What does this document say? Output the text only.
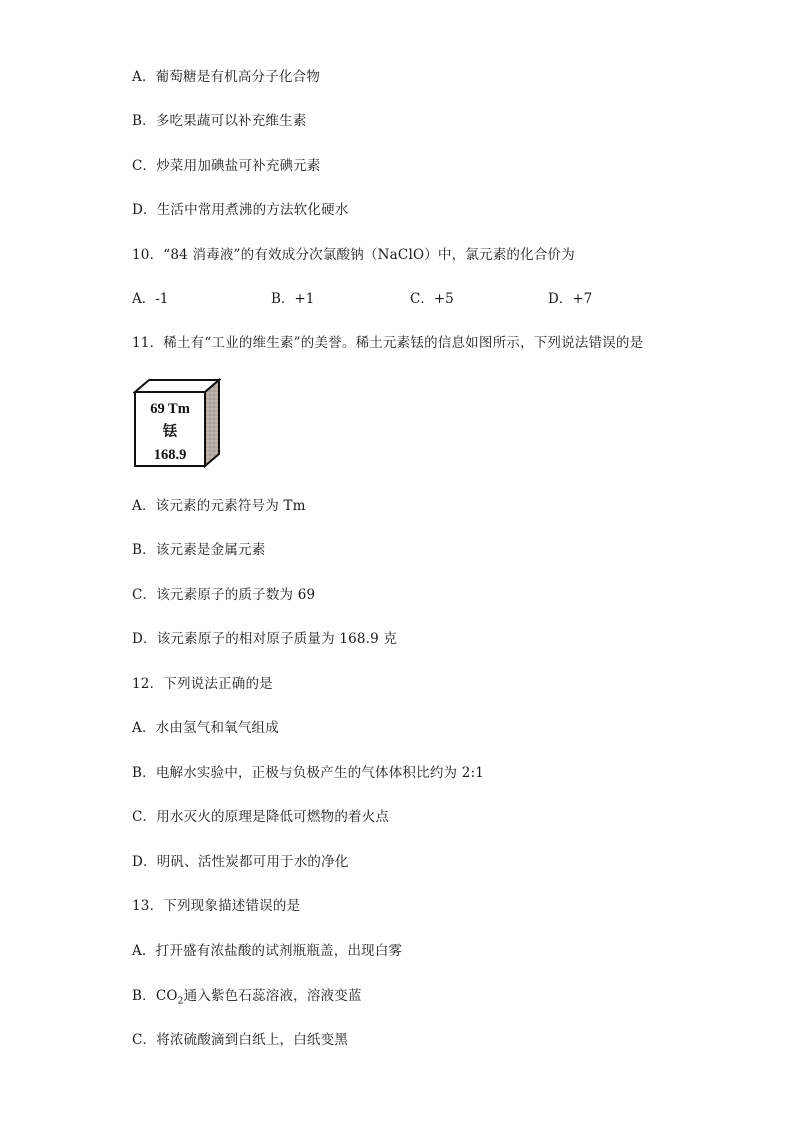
A．葡萄糖是有机高分子化合物
B．多吃果蔬可以补充维生素
C．炒菜用加碘盐可补充碘元素
D．生活中常用煮沸的方法软化硬水
10．“84 消毒液”的有效成分次氯酸钠（NaClO）中，氯元素的化合价为
A．-1	B．+1	C．+5	D．+7
11．稀土有“工业的维生素”的美誉。稀土元素铥的信息如图所示，下列说法错误的是
69 Tm
铥
168.9
A．该元素的元素符号为 Tm
B．该元素是金属元素
C．该元素原子的质子数为 69
D．该元素原子的相对原子质量为 168.9 克
12．下列说法正确的是
A．水由氢气和氧气组成
B．电解水实验中，正极与负极产生的气体体积比约为 2:1
C．用水灭火的原理是降低可燃物的着火点
D．明矾、活性炭都可用于水的净化
13．下列现象描述错误的是
A．打开盛有浓盐酸的试剂瓶瓶盖，出现白雾
B．$CO_2$通入紫色石蕊溶液，溶液变蓝
C．将浓硫酸滴到白纸上，白纸变黑
